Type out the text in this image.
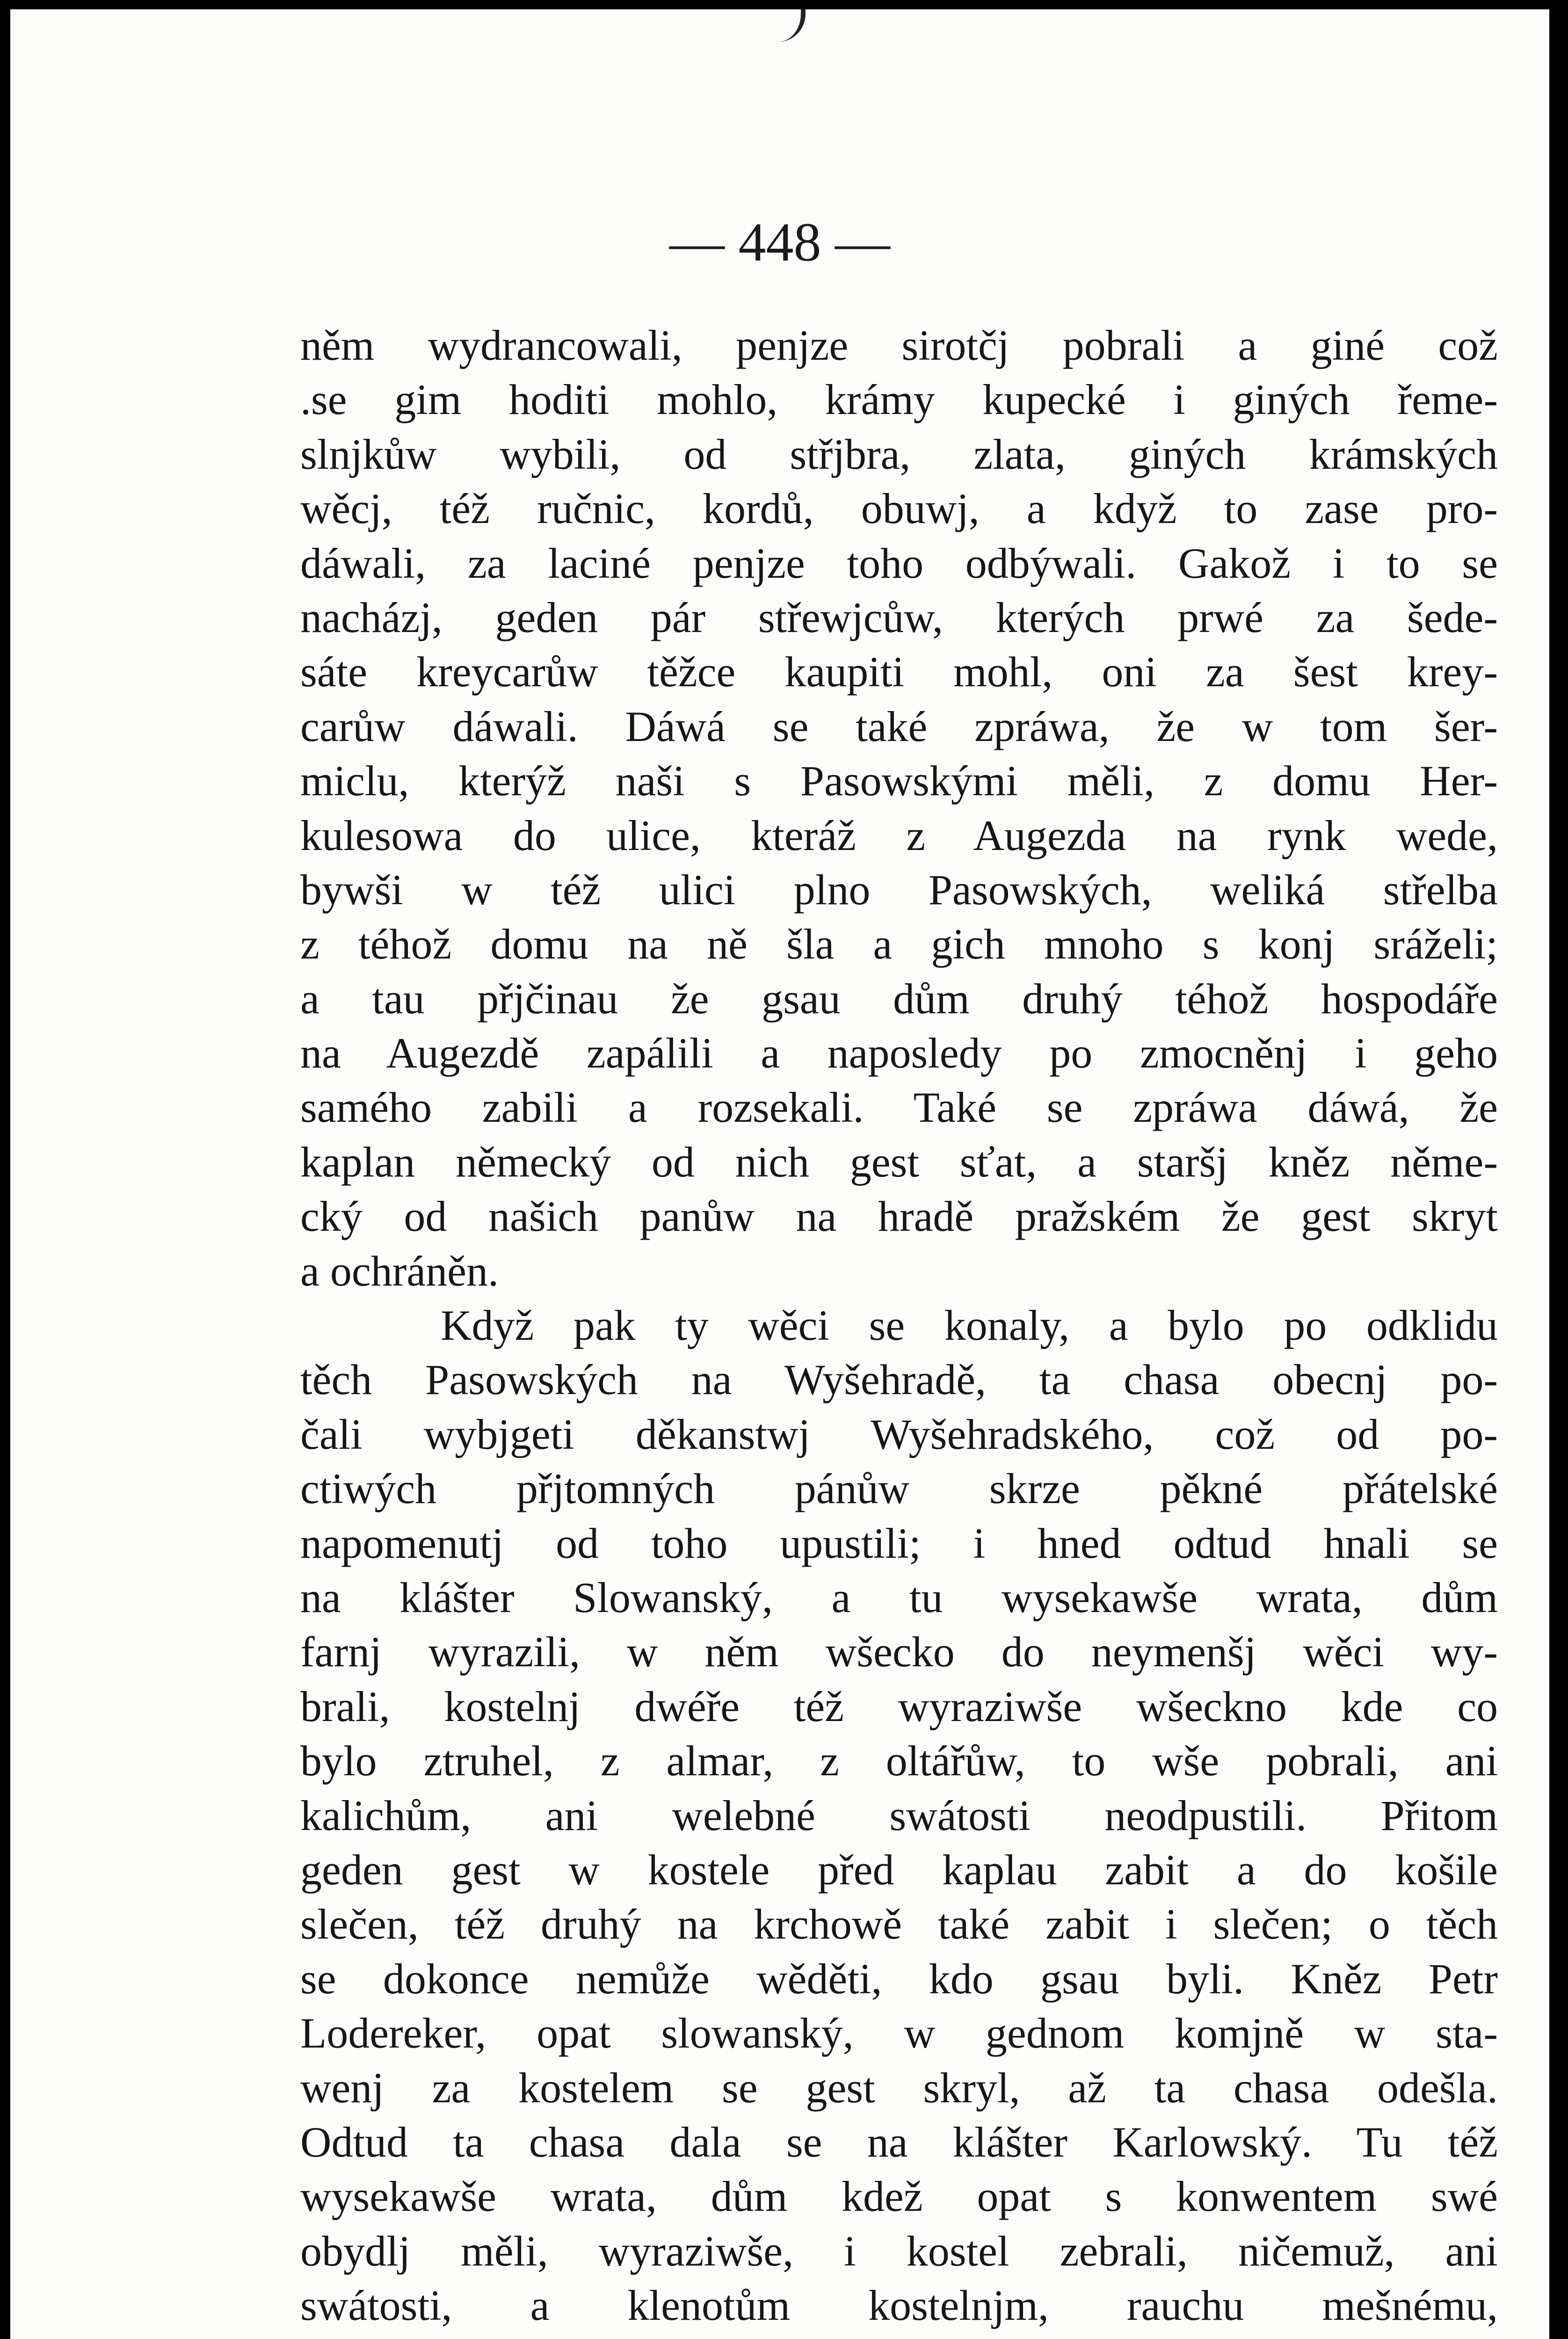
— 448 —
něm wydrancowali, penjze sirotčj pobrali a giné což
.se gim hoditi mohlo, krámy kupecké i giných řeme-
slnjkůw wybili, od střjbra, zlata, giných krámských
wěcj, též ručnic, kordů, obuwj, a když to zase pro-
dáwali, za laciné penjze toho odbýwali. Gakož i to se
nacházj, geden pár střewjcůw, kterých prwé za šede-
sáte kreycarůw těžce kaupiti mohl, oni za šest krey-
carůw dáwali. Dáwá se také zpráwa, že w tom šer-
miclu, kterýž naši s Pasowskými měli, z domu Her-
kulesowa do ulice, kteráž z Augezda na rynk wede,
bywši w též ulici plno Pasowských, weliká střelba
z téhož domu na ně šla a gich mnoho s konj sráželi;
a tau přjčinau že gsau dům druhý téhož hospodáře
na Augezdě zapálili a naposledy po zmocněnj i geho
samého zabili a rozsekali. Také se zpráwa dáwá, že
kaplan německý od nich gest sťat, a staršj kněz něme-
cký od našich panůw na hradě pražském že gest skryt
a ochráněn.
Když pak ty wěci se konaly, a bylo po odklidu
těch Pasowských na Wyšehradě, ta chasa obecnj po-
čali wybjgeti děkanstwj Wyšehradského, což od po-
ctiwých přjtomných pánůw skrze pěkné přátelské
napomenutj od toho upustili; i hned odtud hnali se
na klášter Slowanský, a tu wysekawše wrata, dům
farnj wyrazili, w něm wšecko do neymenšj wěci wy-
brali, kostelnj dwéře též wyraziwše wšeckno kde co
bylo ztruhel, z almar, z oltářůw, to wše pobrali, ani
kalichům, ani welebné swátosti neodpustili. Přitom
geden gest w kostele před kaplau zabit a do košile
slečen, též druhý na krchowě také zabit i slečen; o těch
se dokonce nemůže wěděti, kdo gsau byli. Kněz Petr
Lodereker, opat slowanský, w gednom komjně w sta-
wenj za kostelem se gest skryl, až ta chasa odešla.
Odtud ta chasa dala se na klášter Karlowský. Tu též
wysekawše wrata, dům kdež opat s konwentem swé
obydlj měli, wyraziwše, i kostel zebrali, ničemuž, ani
swátosti, a klenotům kostelnjm, rauchu mešnému,
